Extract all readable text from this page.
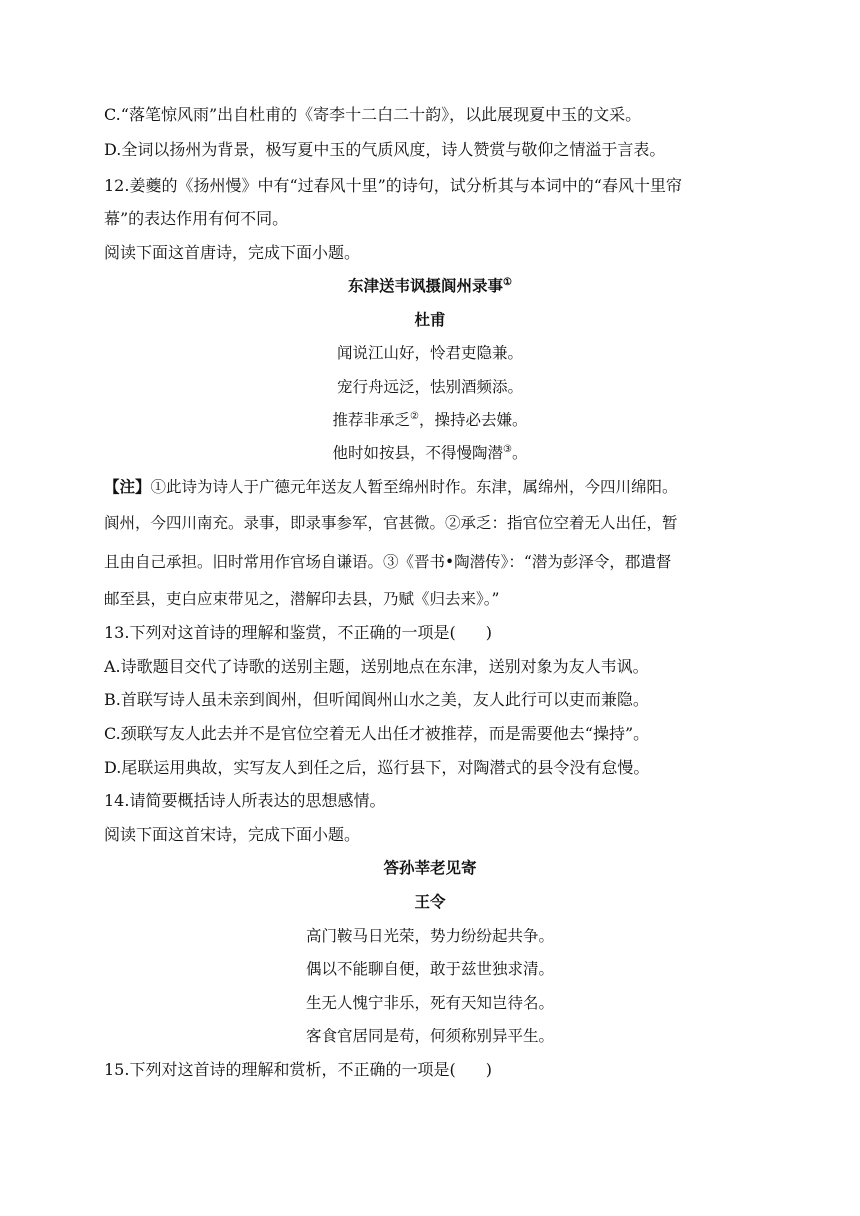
C.“落笔惊风雨”出自杜甫的《寄李十二白二十韵》，以此展现夏中玉的文采。
D.全词以扬州为背景，极写夏中玉的气质风度，诗人赞赏与敬仰之情溢于言表。
12.姜夔的《扬州慢》中有“过春风十里”的诗句，试分析其与本词中的“春风十里帘
幕”的表达作用有何不同。
阅读下面这首唐诗，完成下面小题。
东津送韦讽摄阆州录事①
杜甫
闻说江山好，怜君吏隐兼。
宠行舟远泛，怯别酒频添。
推荐非承乏②，操持必去嫌。
他时如按县，不得慢陶潜③。
【注】①此诗为诗人于广德元年送友人暂至绵州时作。东津，属绵州，今四川绵阳。
阆州，今四川南充。录事，即录事参军，官甚微。②承乏：指官位空着无人出任，暂
且由自己承担。旧时常用作官场自谦语。③《晋书•陶潜传》：“潜为彭泽令，郡遣督
邮至县，吏白应束带见之，潜解印去县，乃赋《归去来》。”
13.下列对这首诗的理解和鉴赏，不正确的一项是( )
A.诗歌题目交代了诗歌的送别主题，送别地点在东津，送别对象为友人韦讽。
B.首联写诗人虽未亲到阆州，但听闻阆州山水之美，友人此行可以吏而兼隐。
C.颈联写友人此去并不是官位空着无人出任才被推荐，而是需要他去“操持”。
D.尾联运用典故，实写友人到任之后，巡行县下，对陶潜式的县令没有怠慢。
14.请简要概括诗人所表达的思想感情。
阅读下面这首宋诗，完成下面小题。
答孙莘老见寄
王令
高门鞍马日光荣，势力纷纷起共争。
偶以不能聊自便，敢于兹世独求清。
生无人愧宁非乐，死有天知岂待名。
客食官居同是苟，何须称别异平生。
15.下列对这首诗的理解和赏析，不正确的一项是( )
